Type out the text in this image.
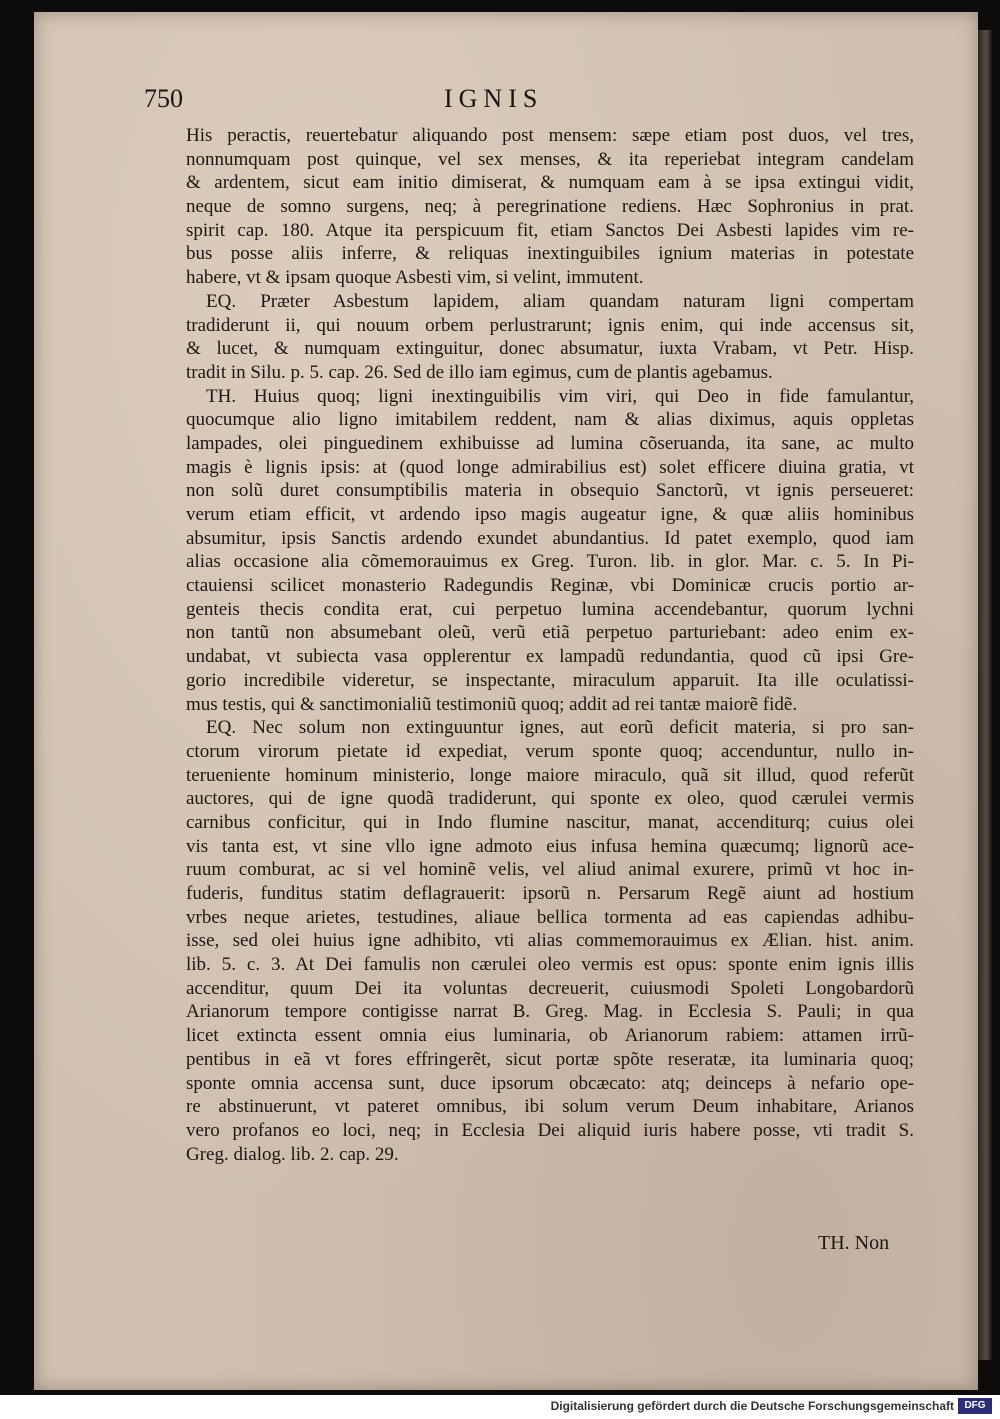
750	IGNIS
His peractis, reuertebatur aliquando post mensem: sæpe etiam post duos, vel tres,
nonnumquam post quinque, vel sex menses, & ita reperiebat integram candelam
& ardentem, sicut eam initio dimiserat, & numquam eam à se ipsa extingui vidit,
neque de somno surgens, neq; à peregrinatione rediens. Hæc Sophronius in prat.
spirit cap. 180. Atque ita perspicuum fit, etiam Sanctos Dei Asbesti lapides vim re-
bus posse aliis inferre, & reliquas inextinguibiles ignium materias in potestate
habere, vt & ipsam quoque Asbesti vim, si velint, immutent.
EQ. Præter Asbestum lapidem, aliam quandam naturam ligni compertam
tradiderunt ii, qui nouum orbem perlustrarunt; ignis enim, qui inde accensus sit,
& lucet, & numquam extinguitur, donec absumatur, iuxta Vrabam, vt Petr. Hisp.
tradit in Silu. p. 5. cap. 26. Sed de illo iam egimus, cum de plantis agebamus.
TH. Huius quoq; ligni inextinguibilis vim viri, qui Deo in fide famulantur,
quocumque alio ligno imitabilem reddent, nam & alias diximus, aquis oppletas
lampades, olei pinguedinem exhibuisse ad lumina cõseruanda, ita sane, ac multo
magis è lignis ipsis: at (quod longe admirabilius est) solet efficere diuina gratia, vt
non solũ duret consumptibilis materia in obsequio Sanctorũ, vt ignis perseueret:
verum etiam efficit, vt ardendo ipso magis augeatur igne, & quæ aliis hominibus
absumitur, ipsis Sanctis ardendo exundet abundantius. Id patet exemplo, quod iam
alias occasione alia cõmemorauimus ex Greg. Turon. lib. in glor. Mar. c. 5. In Pi-
ctauiensi scilicet monasterio Radegundis Reginæ, vbi Dominicæ crucis portio ar-
genteis thecis condita erat, cui perpetuo lumina accendebantur, quorum lychni
non tantũ non absumebant oleũ, verũ etiã perpetuo parturiebant: adeo enim ex-
undabat, vt subiecta vasa opplerentur ex lampadũ redundantia, quod cũ ipsi Gre-
gorio incredibile videretur, se inspectante, miraculum apparuit. Ita ille oculatissi-
mus testis, qui & sanctimonialiũ testimoniũ quoq; addit ad rei tantæ maiorẽ fidẽ.
EQ. Nec solum non extinguuntur ignes, aut eorũ deficit materia, si pro san-
ctorum virorum pietate id expediat, verum sponte quoq; accenduntur, nullo in-
terueniente hominum ministerio, longe maiore miraculo, quã sit illud, quod referũt
auctores, qui de igne quodã tradiderunt, qui sponte ex oleo, quod cærulei vermis
carnibus conficitur, qui in Indo flumine nascitur, manat, accenditurq; cuius olei
vis tanta est, vt sine vllo igne admoto eius infusa hemina quæcumq; lignorũ ace-
ruum comburat, ac si vel hominẽ velis, vel aliud animal exurere, primũ vt hoc in-
fuderis, funditus statim deflagrauerit: ipsorũ n. Persarum Regẽ aiunt ad hostium
vrbes neque arietes, testudines, aliaue bellica tormenta ad eas capiendas adhibu-
isse, sed olei huius igne adhibito, vti alias commemorauimus ex Ælian. hist. anim.
lib. 5. c. 3. At Dei famulis non cærulei oleo vermis est opus: sponte enim ignis illis
accenditur, quum Dei ita voluntas decreuerit, cuiusmodi Spoleti Longobardorũ
Arianorum tempore contigisse narrat B. Greg. Mag. in Ecclesia S. Pauli; in qua
licet extincta essent omnia eius luminaria, ob Arianorum rabiem: attamen irrũ-
pentibus in eã vt fores effringerẽt, sicut portæ spõte reseratæ, ita luminaria quoq;
sponte omnia accensa sunt, duce ipsorum obcæcato: atq; deinceps à nefario ope-
re abstinuerunt, vt pateret omnibus, ibi solum verum Deum inhabitare, Arianos
vero profanos eo loci, neq; in Ecclesia Dei aliquid iuris habere posse, vti tradit S.
Greg. dialog. lib. 2. cap. 29.
TH. Non
Digitalisierung gefördert durch die Deutsche Forschungsgemeinschaft	DFG
